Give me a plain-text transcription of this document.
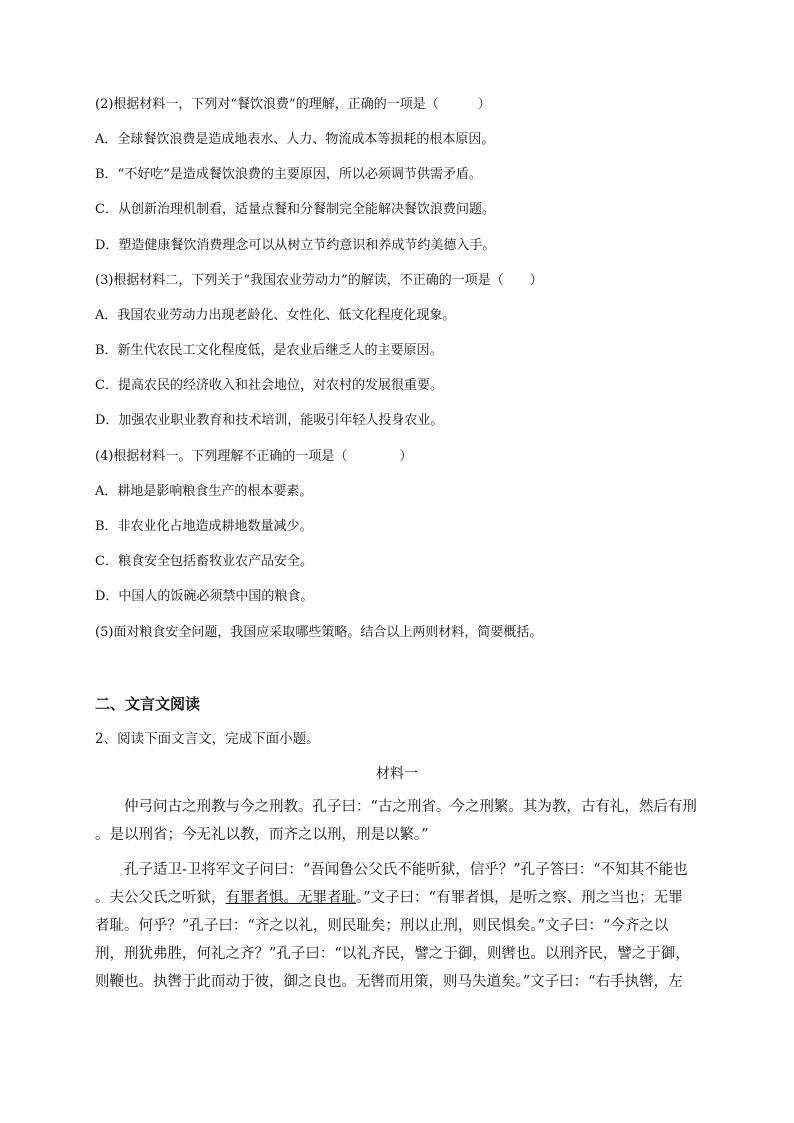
(2)根据材料一，下列对“餐饮浪费”的理解，正确的一项是（　　　）
A．全球餐饮浪费是造成地表水、人力、物流成本等损耗的根本原因。
B．“不好吃”是造成餐饮浪费的主要原因，所以必须调节供需矛盾。
C．从创新治理机制看，适量点餐和分餐制完全能解决餐饮浪费问题。
D．塑造健康餐饮消费理念可以从树立节约意识和养成节约美德入手。
(3)根据材料二，下列关于“我国农业劳动力”的解读，不正确的一项是（　　）
A．我国农业劳动力出现老龄化、女性化、低文化程度化现象。
B．新生代农民工文化程度低，是农业后继乏人的主要原因。
C．提高农民的经济收入和社会地位，对农村的发展很重要。
D．加强农业职业教育和技术培训，能吸引年轻人投身农业。
(4)根据材料一。下列理解不正确的一项是（　　　　）
A．耕地是影响粮食生产的根本要素。
B．非农业化占地造成耕地数量减少。
C．粮食安全包括畜牧业农产品安全。
D．中国人的饭碗必须禁中国的粮食。
(5)面对粮食安全问题，我国应采取哪些策略。结合以上两则材料，简要概括。
二、文言文阅读
2、阅读下面文言文，完成下面小题。
材料一
仲弓问古之刑教与今之刑教。孔子曰：“古之刑省。今之刑繁。其为教，古有礼，然后有刑
。是以刑省；今无礼以教，而齐之以刑，刑是以繁。”
孔子适卫-卫将军文子问曰：“吾闻鲁公父氏不能听狱，信乎？”孔子答曰：“不知其不能也
。夫公父氏之听狱，有罪者惧。无罪者耻。”文子曰：“有罪者惧，是听之察、刑之当也；无罪
者耻。何乎？”孔子曰：“齐之以礼，则民耻矣；刑以止刑，则民惧矣。”文子曰：“今齐之以
刑，刑犹弗胜，何礼之齐？”孔子曰：“以礼齐民，譬之于御，则辔也。以刑齐民，譬之于御，
则鞭也。执辔于此而动于彼，御之良也。无辔而用策，则马失道矣。”文子曰：“右手执辔，左
